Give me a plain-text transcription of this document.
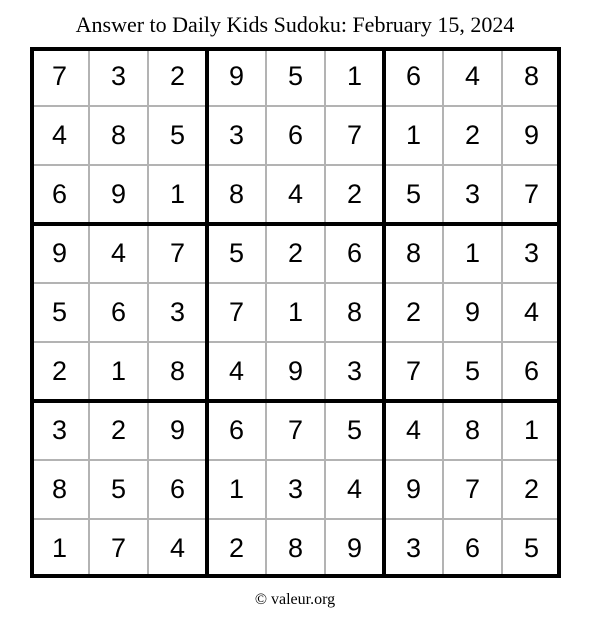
Answer to Daily Kids Sudoku: February 15, 2024
7	3	2	9	5	1	6	4	8
4	8	5	3	6	7	1	2	9
6	9	1	8	4	2	5	3	7
9	4	7	5	2	6	8	1	3
5	6	3	7	1	8	2	9	4
2	1	8	4	9	3	7	5	6
3	2	9	6	7	5	4	8	1
8	5	6	1	3	4	9	7	2
1	7	4	2	8	9	3	6	5
© valeur.org
